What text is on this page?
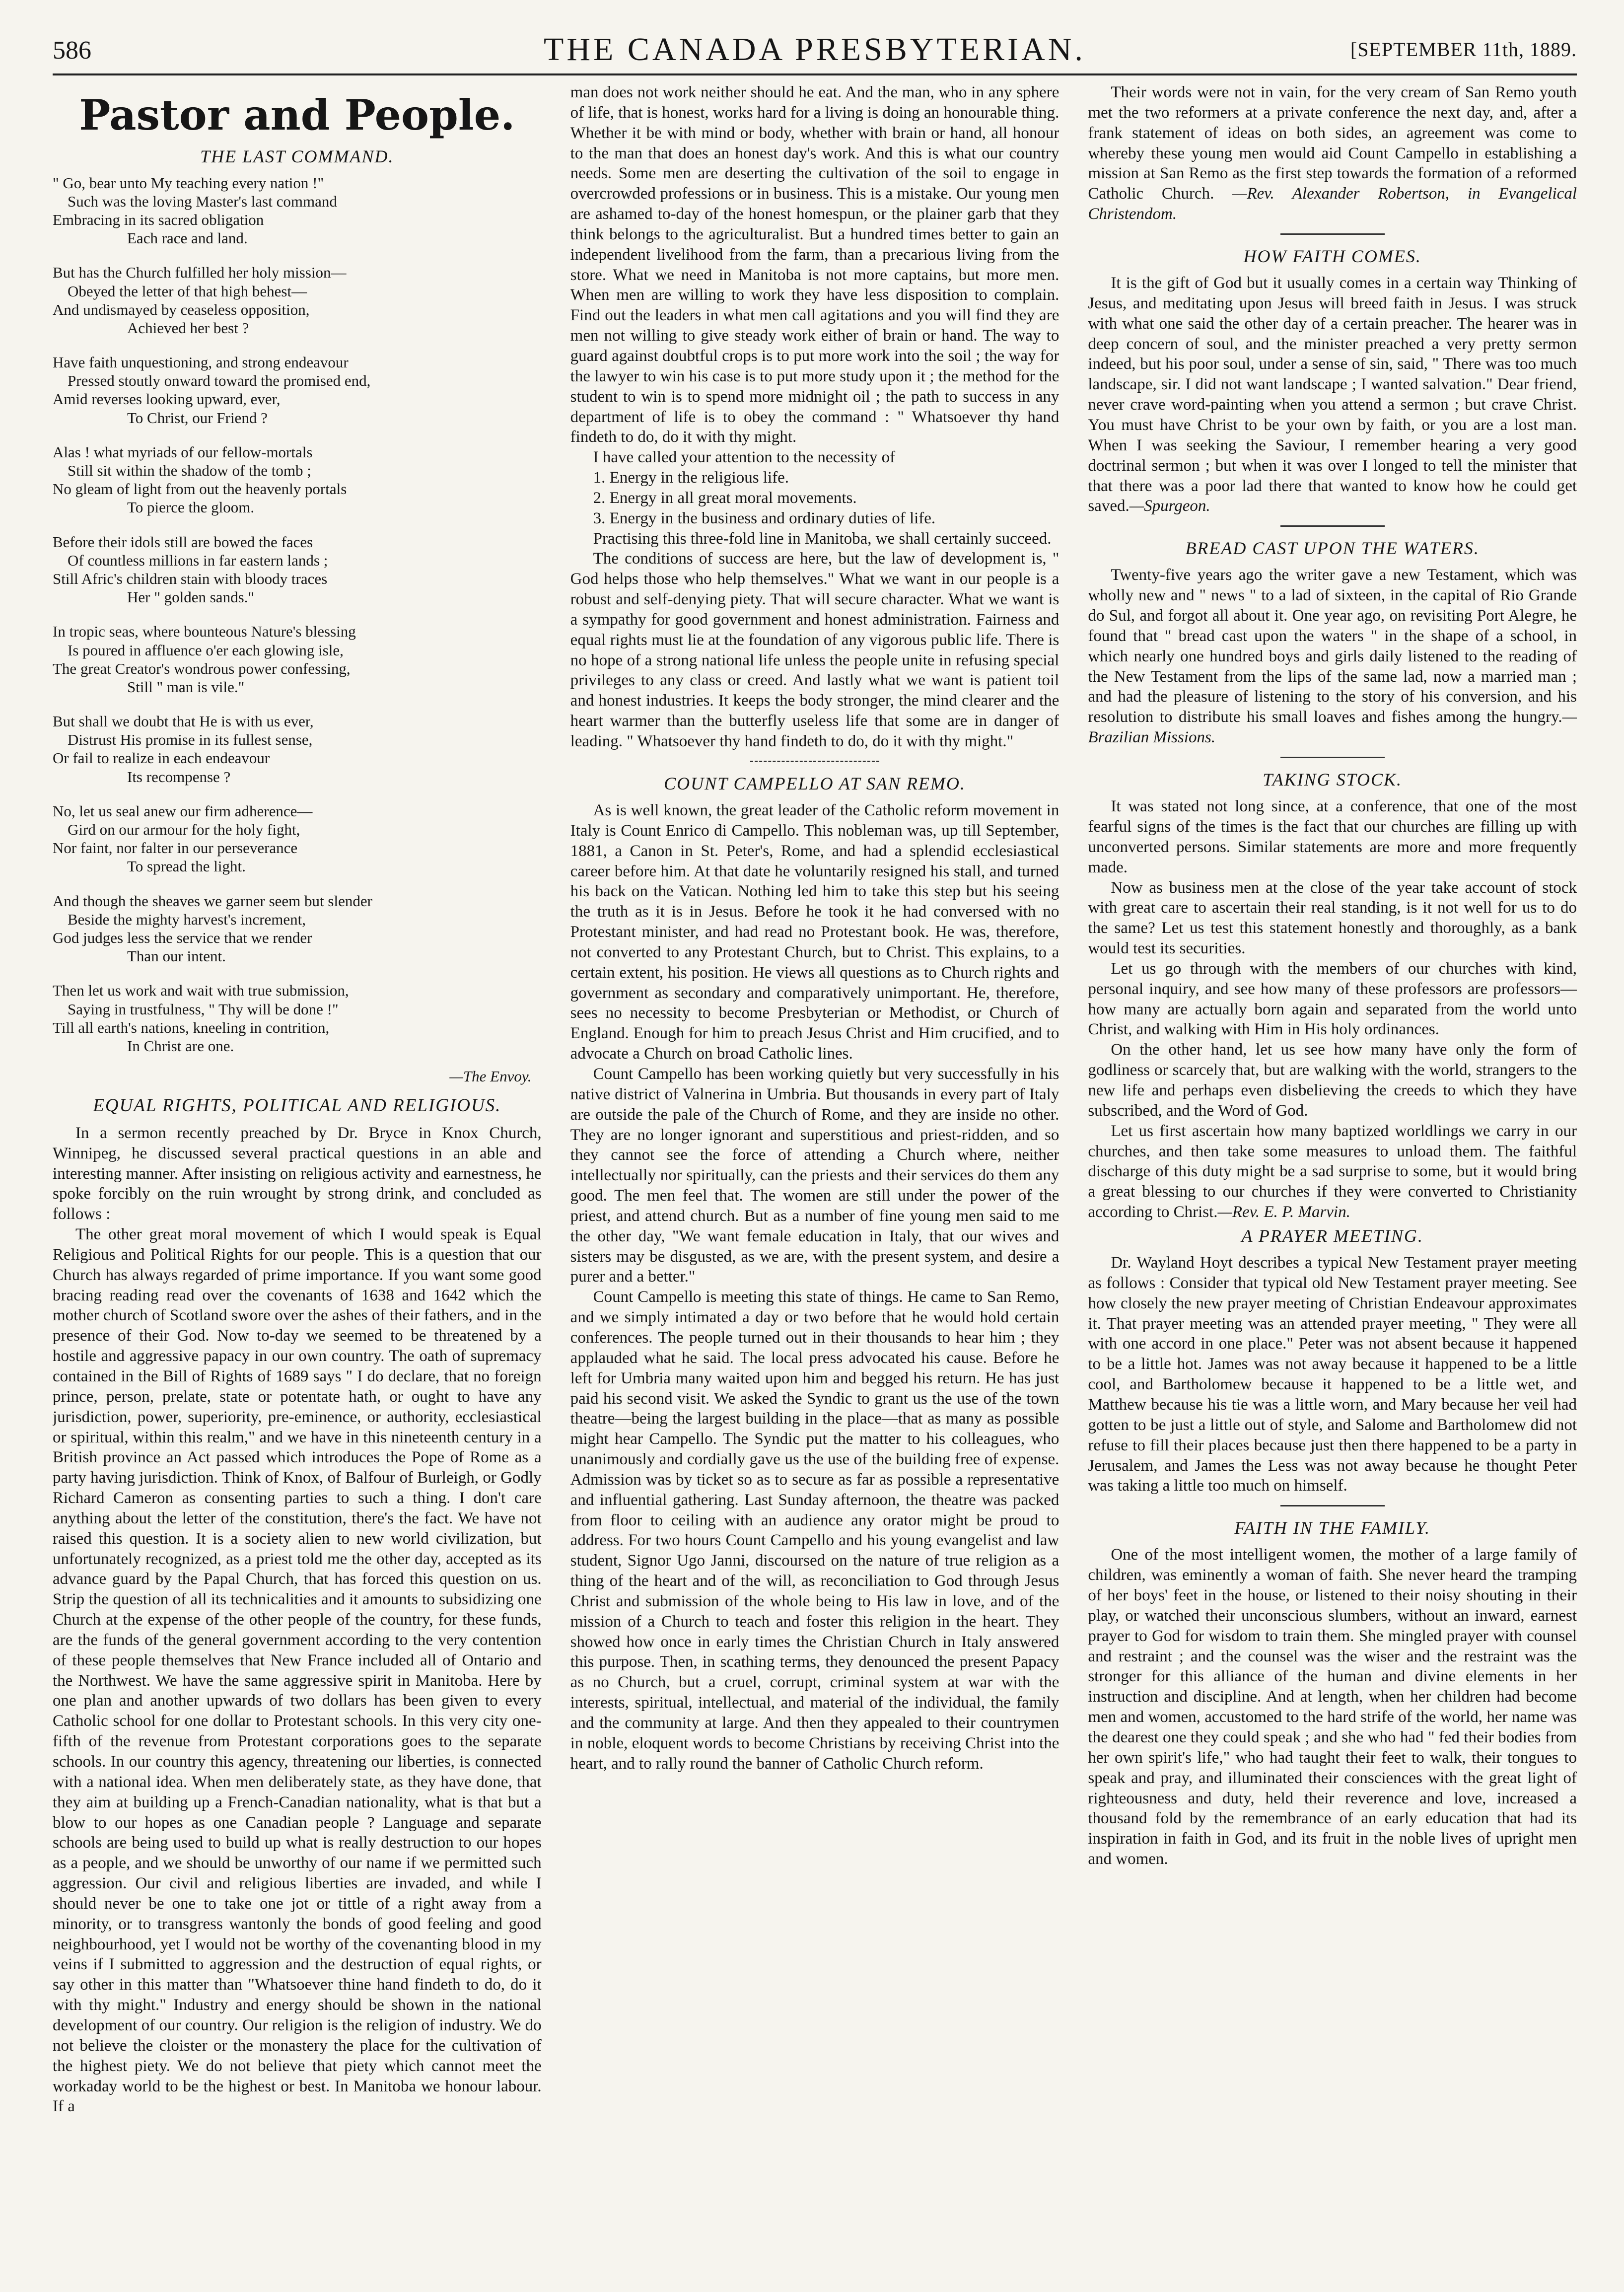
586	THE CANADA PRESBYTERIAN.	[SEPTEMBER 11th, 1889.
Pastor and People.
THE LAST COMMAND.
" Go, bear unto My teaching every nation !"
Such was the loving Master's last command
Embracing in its sacred obligation
Each race and land.
But has the Church fulfilled her holy mission—
Obeyed the letter of that high behest—
And undismayed by ceaseless opposition,
Achieved her best ?
Have faith unquestioning, and strong endeavour
Pressed stoutly onward toward the promised end,
Amid reverses looking upward, ever,
To Christ, our Friend ?
Alas ! what myriads of our fellow-mortals
Still sit within the shadow of the tomb ;
No gleam of light from out the heavenly portals
To pierce the gloom.
Before their idols still are bowed the faces
Of countless millions in far eastern lands ;
Still Afric's children stain with bloody traces
Her " golden sands."
In tropic seas, where bounteous Nature's blessing
Is poured in affluence o'er each glowing isle,
The great Creator's wondrous power confessing,
Still " man is vile."
But shall we doubt that He is with us ever,
Distrust His promise in its fullest sense,
Or fail to realize in each endeavour
Its recompense ?
No, let us seal anew our firm adherence—
Gird on our armour for the holy fight,
Nor faint, nor falter in our perseverance
To spread the light.
And though the sheaves we garner seem but slender
Beside the mighty harvest's increment,
God judges less the service that we render
Than our intent.
Then let us work and wait with true submission,
Saying in trustfulness, " Thy will be done !"
Till all earth's nations, kneeling in contrition,
In Christ are one.
—The Envoy.
EQUAL RIGHTS, POLITICAL AND RELIGIOUS.

In a sermon recently preached by Dr. Bryce in Knox Church, Winnipeg, he discussed several practical questions in an able and interesting manner. After insisting on religious activity and earnestness, he spoke forcibly on the ruin wrought by strong drink, and concluded as follows :

The other great moral movement of which I would speak is Equal Religious and Political Rights for our people. This is a question that our Church has always regarded of prime importance. If you want some good bracing reading read over the covenants of 1638 and 1642 which the mother church of Scotland swore over the ashes of their fathers, and in the presence of their God. Now to-day we seemed to be threatened by a hostile and aggressive papacy in our own country. The oath of supremacy contained in the Bill of Rights of 1689 says " I do declare, that no foreign prince, person, prelate, state or potentate hath, or ought to have any jurisdiction, power, superiority, pre-eminence, or authority, ecclesiastical or spiritual, within this realm," and we have in this nineteenth century in a British province an Act passed which introduces the Pope of Rome as a party having jurisdiction. Think of Knox, of Balfour of Burleigh, or Godly Richard Cameron as consenting parties to such a thing. I don't care anything about the letter of the constitution, there's the fact. We have not raised this question. It is a society alien to new world civilization, but unfortunately recognized, as a priest told me the other day, accepted as its advance guard by the Papal Church, that has forced this question on us. Strip the question of all its technicalities and it amounts to subsidizing one Church at the expense of the other people of the country, for these funds, are the funds of the general government according to the very contention of these people themselves that New France included all of Ontario and the Northwest. We have the same aggressive spirit in Manitoba. Here by one plan and another upwards of two dollars has been given to every Catholic school for one dollar to Protestant schools. In this very city one-fifth of the revenue from Protestant corporations goes to the separate schools. In our country this agency, threatening our liberties, is connected with a national idea. When men deliberately state, as they have done, that they aim at building up a French-Canadian nationality, what is that but a blow to our hopes as one Canadian people ? Language and separate schools are being used to build up what is really destruction to our hopes as a people, and we should be unworthy of our name if we permitted such aggression. Our civil and religious liberties are invaded, and while I should never be one to take one jot or tittle of a right away from a minority, or to transgress wantonly the bonds of good feeling and good neighbourhood, yet I would not be worthy of the covenanting blood in my veins if I submitted to aggression and the destruction of equal rights, or say other in this matter than "Whatsoever thine hand findeth to do, do it with thy might." Industry and energy should be shown in the national development of our country. Our religion is the religion of industry. We do not believe the cloister or the monastery the place for the cultivation of the highest piety. We do not believe that piety which cannot meet the workaday world to be the highest or best. In Manitoba we honour labour. If a

man does not work neither should he eat. And the man, who in any sphere of life, that is honest, works hard for a living is doing an honourable thing. Whether it be with mind or body, whether with brain or hand, all honour to the man that does an honest day's work. And this is what our country needs. Some men are deserting the cultivation of the soil to engage in overcrowded professions or in business. This is a mistake. Our young men are ashamed to-day of the honest homespun, or the plainer garb that they think belongs to the agriculturalist. But a hundred times better to gain an independent livelihood from the farm, than a precarious living from the store. What we need in Manitoba is not more captains, but more men. When men are willing to work they have less disposition to complain. Find out the leaders in what men call agitations and you will find they are men not willing to give steady work either of brain or hand. The way to guard against doubtful crops is to put more work into the soil ; the way for the lawyer to win his case is to put more study upon it ; the method for the student to win is to spend more midnight oil ; the path to success in any department of life is to obey the command : " Whatsoever thy hand findeth to do, do it with thy might.

I have called your attention to the necessity of

1. Energy in the religious life.

2. Energy in all great moral movements.

3. Energy in the business and ordinary duties of life.

Practising this three-fold line in Manitoba, we shall certainly succeed.

The conditions of success are here, but the law of development is, " God helps those who help themselves." What we want in our people is a robust and self-denying piety. That will secure character. What we want is a sympathy for good government and honest administration. Fairness and equal rights must lie at the foundation of any vigorous public life. There is no hope of a strong national life unless the people unite in refusing special privileges to any class or creed. And lastly what we want is patient toil and honest industries. It keeps the body stronger, the mind clearer and the heart warmer than the butterfly useless life that some are in danger of leading. " Whatsoever thy hand findeth to do, do it with thy might."

COUNT CAMPELLO AT SAN REMO.

As is well known, the great leader of the Catholic reform movement in Italy is Count Enrico di Campello. This nobleman was, up till September, 1881, a Canon in St. Peter's, Rome, and had a splendid ecclesiastical career before him. At that date he voluntarily resigned his stall, and turned his back on the Vatican. Nothing led him to take this step but his seeing the truth as it is in Jesus. Before he took it he had conversed with no Protestant minister, and had read no Protestant book. He was, therefore, not converted to any Protestant Church, but to Christ. This explains, to a certain extent, his position. He views all questions as to Church rights and government as secondary and comparatively unimportant. He, therefore, sees no necessity to become Presbyterian or Methodist, or Church of England. Enough for him to preach Jesus Christ and Him crucified, and to advocate a Church on broad Catholic lines.

Count Campello has been working quietly but very successfully in his native district of Valnerina in Umbria. But thousands in every part of Italy are outside the pale of the Church of Rome, and they are inside no other. They are no longer ignorant and superstitious and priest-ridden, and so they cannot see the force of attending a Church where, neither intellectually nor spiritually, can the priests and their services do them any good. The men feel that. The women are still under the power of the priest, and attend church. But as a number of fine young men said to me the other day, "We want female education in Italy, that our wives and sisters may be disgusted, as we are, with the present system, and desire a purer and a better."

Count Campello is meeting this state of things. He came to San Remo, and we simply intimated a day or two before that he would hold certain conferences. The people turned out in their thousands to hear him ; they applauded what he said. The local press advocated his cause. Before he left for Umbria many waited upon him and begged his return. He has just paid his second visit. We asked the Syndic to grant us the use of the town theatre—being the largest building in the place—that as many as possible might hear Campello. The Syndic put the matter to his colleagues, who unanimously and cordially gave us the use of the building free of expense. Admission was by ticket so as to secure as far as possible a representative and influential gathering. Last Sunday afternoon, the theatre was packed from floor to ceiling with an audience any orator might be proud to address. For two hours Count Campello and his young evangelist and law student, Signor Ugo Janni, discoursed on the nature of true religion as a thing of the heart and of the will, as reconciliation to God through Jesus Christ and submission of the whole being to His law in love, and of the mission of a Church to teach and foster this religion in the heart. They showed how once in early times the Christian Church in Italy answered this purpose. Then, in scathing terms, they denounced the present Papacy as no Church, but a cruel, corrupt, criminal system at war with the interests, spiritual, intellectual, and material of the individual, the family and the community at large. And then they appealed to their countrymen in noble, eloquent words to become Christians by receiving Christ into the heart, and to rally round the banner of Catholic Church reform.

Their words were not in vain, for the very cream of San Remo youth met the two reformers at a private conference the next day, and, after a frank statement of ideas on both sides, an agreement was come to whereby these young men would aid Count Campello in establishing a mission at San Remo as the first step towards the formation of a reformed Catholic Church. —Rev. Alexander Robertson, in Evangelical Christendom.

HOW FAITH COMES.

It is the gift of God but it usually comes in a certain way Thinking of Jesus, and meditating upon Jesus will breed faith in Jesus. I was struck with what one said the other day of a certain preacher. The hearer was in deep concern of soul, and the minister preached a very pretty sermon indeed, but his poor soul, under a sense of sin, said, " There was too much landscape, sir. I did not want landscape ; I wanted salvation." Dear friend, never crave word-painting when you attend a sermon ; but crave Christ. You must have Christ to be your own by faith, or you are a lost man. When I was seeking the Saviour, I remember hearing a very good doctrinal sermon ; but when it was over I longed to tell the minister that that there was a poor lad there that wanted to know how he could get saved.—Spurgeon.

BREAD CAST UPON THE WATERS.

Twenty-five years ago the writer gave a new Testament, which was wholly new and " news " to a lad of sixteen, in the capital of Rio Grande do Sul, and forgot all about it. One year ago, on revisiting Port Alegre, he found that " bread cast upon the waters " in the shape of a school, in which nearly one hundred boys and girls daily listened to the reading of the New Testament from the lips of the same lad, now a married man ; and had the pleasure of listening to the story of his conversion, and his resolution to distribute his small loaves and fishes among the hungry.—Brazilian Missions.

TAKING STOCK.

It was stated not long since, at a conference, that one of the most fearful signs of the times is the fact that our churches are filling up with unconverted persons. Similar statements are more and more frequently made.

Now as business men at the close of the year take account of stock with great care to ascertain their real standing, is it not well for us to do the same? Let us test this statement honestly and thoroughly, as a bank would test its securities.

Let us go through with the members of our churches with kind, personal inquiry, and see how many of these professors are professors—how many are actually born again and separated from the world unto Christ, and walking with Him in His holy ordinances.

On the other hand, let us see how many have only the form of godliness or scarcely that, but are walking with the world, strangers to the new life and perhaps even disbelieving the creeds to which they have subscribed, and the Word of God.

Let us first ascertain how many baptized worldlings we carry in our churches, and then take some measures to unload them. The faithful discharge of this duty might be a sad surprise to some, but it would bring a great blessing to our churches if they were converted to Christianity according to Christ.—Rev. E. P. Marvin.

A PRAYER MEETING.

Dr. Wayland Hoyt describes a typical New Testament prayer meeting as follows : Consider that typical old New Testament prayer meeting. See how closely the new prayer meeting of Christian Endeavour approximates it. That prayer meeting was an attended prayer meeting, " They were all with one accord in one place." Peter was not absent because it happened to be a little hot. James was not away because it happened to be a little cool, and Bartholomew because it happened to be a little wet, and Matthew because his tie was a little worn, and Mary because her veil had gotten to be just a little out of style, and Salome and Bartholomew did not refuse to fill their places because just then there happened to be a party in Jerusalem, and James the Less was not away because he thought Peter was taking a little too much on himself.

FAITH IN THE FAMILY.

One of the most intelligent women, the mother of a large family of children, was eminently a woman of faith. She never heard the tramping of her boys' feet in the house, or listened to their noisy shouting in their play, or watched their unconscious slumbers, without an inward, earnest prayer to God for wisdom to train them. She mingled prayer with counsel and restraint ; and the counsel was the wiser and the restraint was the stronger for this alliance of the human and divine elements in her instruction and discipline. And at length, when her children had become men and women, accustomed to the hard strife of the world, her name was the dearest one they could speak ; and she who had " fed their bodies from her own spirit's life," who had taught their feet to walk, their tongues to speak and pray, and illuminated their consciences with the great light of righteousness and duty, held their reverence and love, increased a thousand fold by the remembrance of an early education that had its inspiration in faith in God, and its fruit in the noble lives of upright men and women.
